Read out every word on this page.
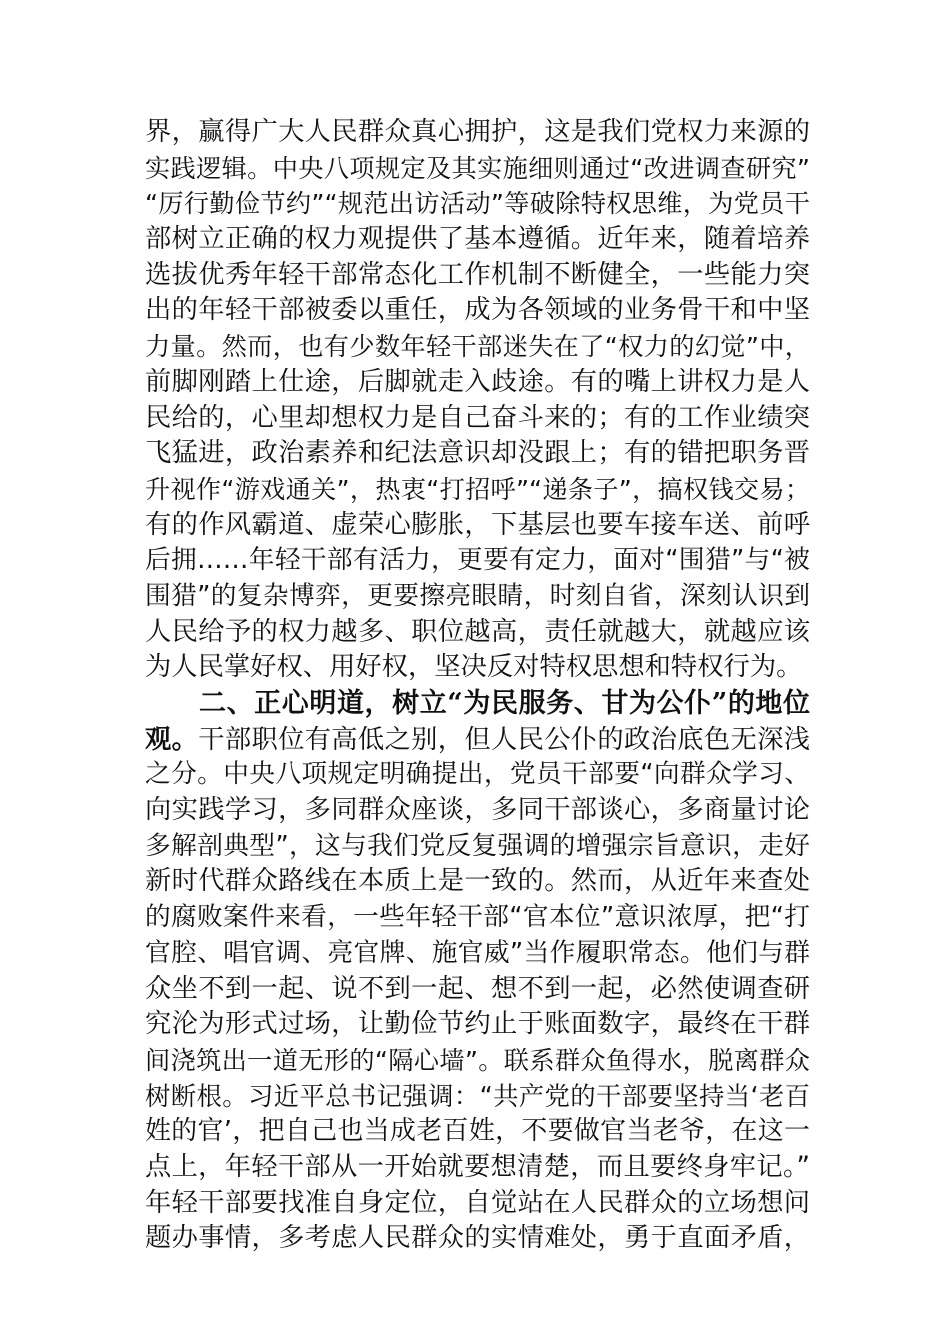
界，赢得广大人民群众真心拥护，这是我们党权力来源的
实践逻辑。中央八项规定及其实施细则通过“改进调查研究”
“厉行勤俭节约”“规范出访活动”等破除特权思维，为党员干
部树立正确的权力观提供了基本遵循。近年来，随着培养
选拔优秀年轻干部常态化工作机制不断健全，一些能力突
出的年轻干部被委以重任，成为各领域的业务骨干和中坚
力量。然而，也有少数年轻干部迷失在了“权力的幻觉”中，
前脚刚踏上仕途，后脚就走入歧途。有的嘴上讲权力是人
民给的，心里却想权力是自己奋斗来的；有的工作业绩突
飞猛进，政治素养和纪法意识却没跟上；有的错把职务晋
升视作“游戏通关”，热衷“打招呼”“递条子”，搞权钱交易；
有的作风霸道、虚荣心膨胀，下基层也要车接车送、前呼
后拥……年轻干部有活力，更要有定力，面对“围猎”与“被
围猎”的复杂博弈，更要擦亮眼睛，时刻自省，深刻认识到
人民给予的权力越多、职位越高，责任就越大，就越应该
为人民掌好权、用好权，坚决反对特权思想和特权行为。
二、正心明道，树立“为民服务、甘为公仆”的地位
观。干部职位有高低之别，但人民公仆的政治底色无深浅
之分。中央八项规定明确提出，党员干部要“向群众学习、
向实践学习，多同群众座谈，多同干部谈心，多商量讨论
多解剖典型”，这与我们党反复强调的增强宗旨意识，走好
新时代群众路线在本质上是一致的。然而，从近年来查处
的腐败案件来看，一些年轻干部“官本位”意识浓厚，把“打
官腔、唱官调、亮官牌、施官威”当作履职常态。他们与群
众坐不到一起、说不到一起、想不到一起，必然使调查研
究沦为形式过场，让勤俭节约止于账面数字，最终在干群
间浇筑出一道无形的“隔心墙”。联系群众鱼得水，脱离群众
树断根。习近平总书记强调：“共产党的干部要坚持当‘老百
姓的官’，把自己也当成老百姓，不要做官当老爷，在这一
点上，年轻干部从一开始就要想清楚，而且要终身牢记。”
年轻干部要找准自身定位，自觉站在人民群众的立场想问
题办事情，多考虑人民群众的实情难处，勇于直面矛盾，
